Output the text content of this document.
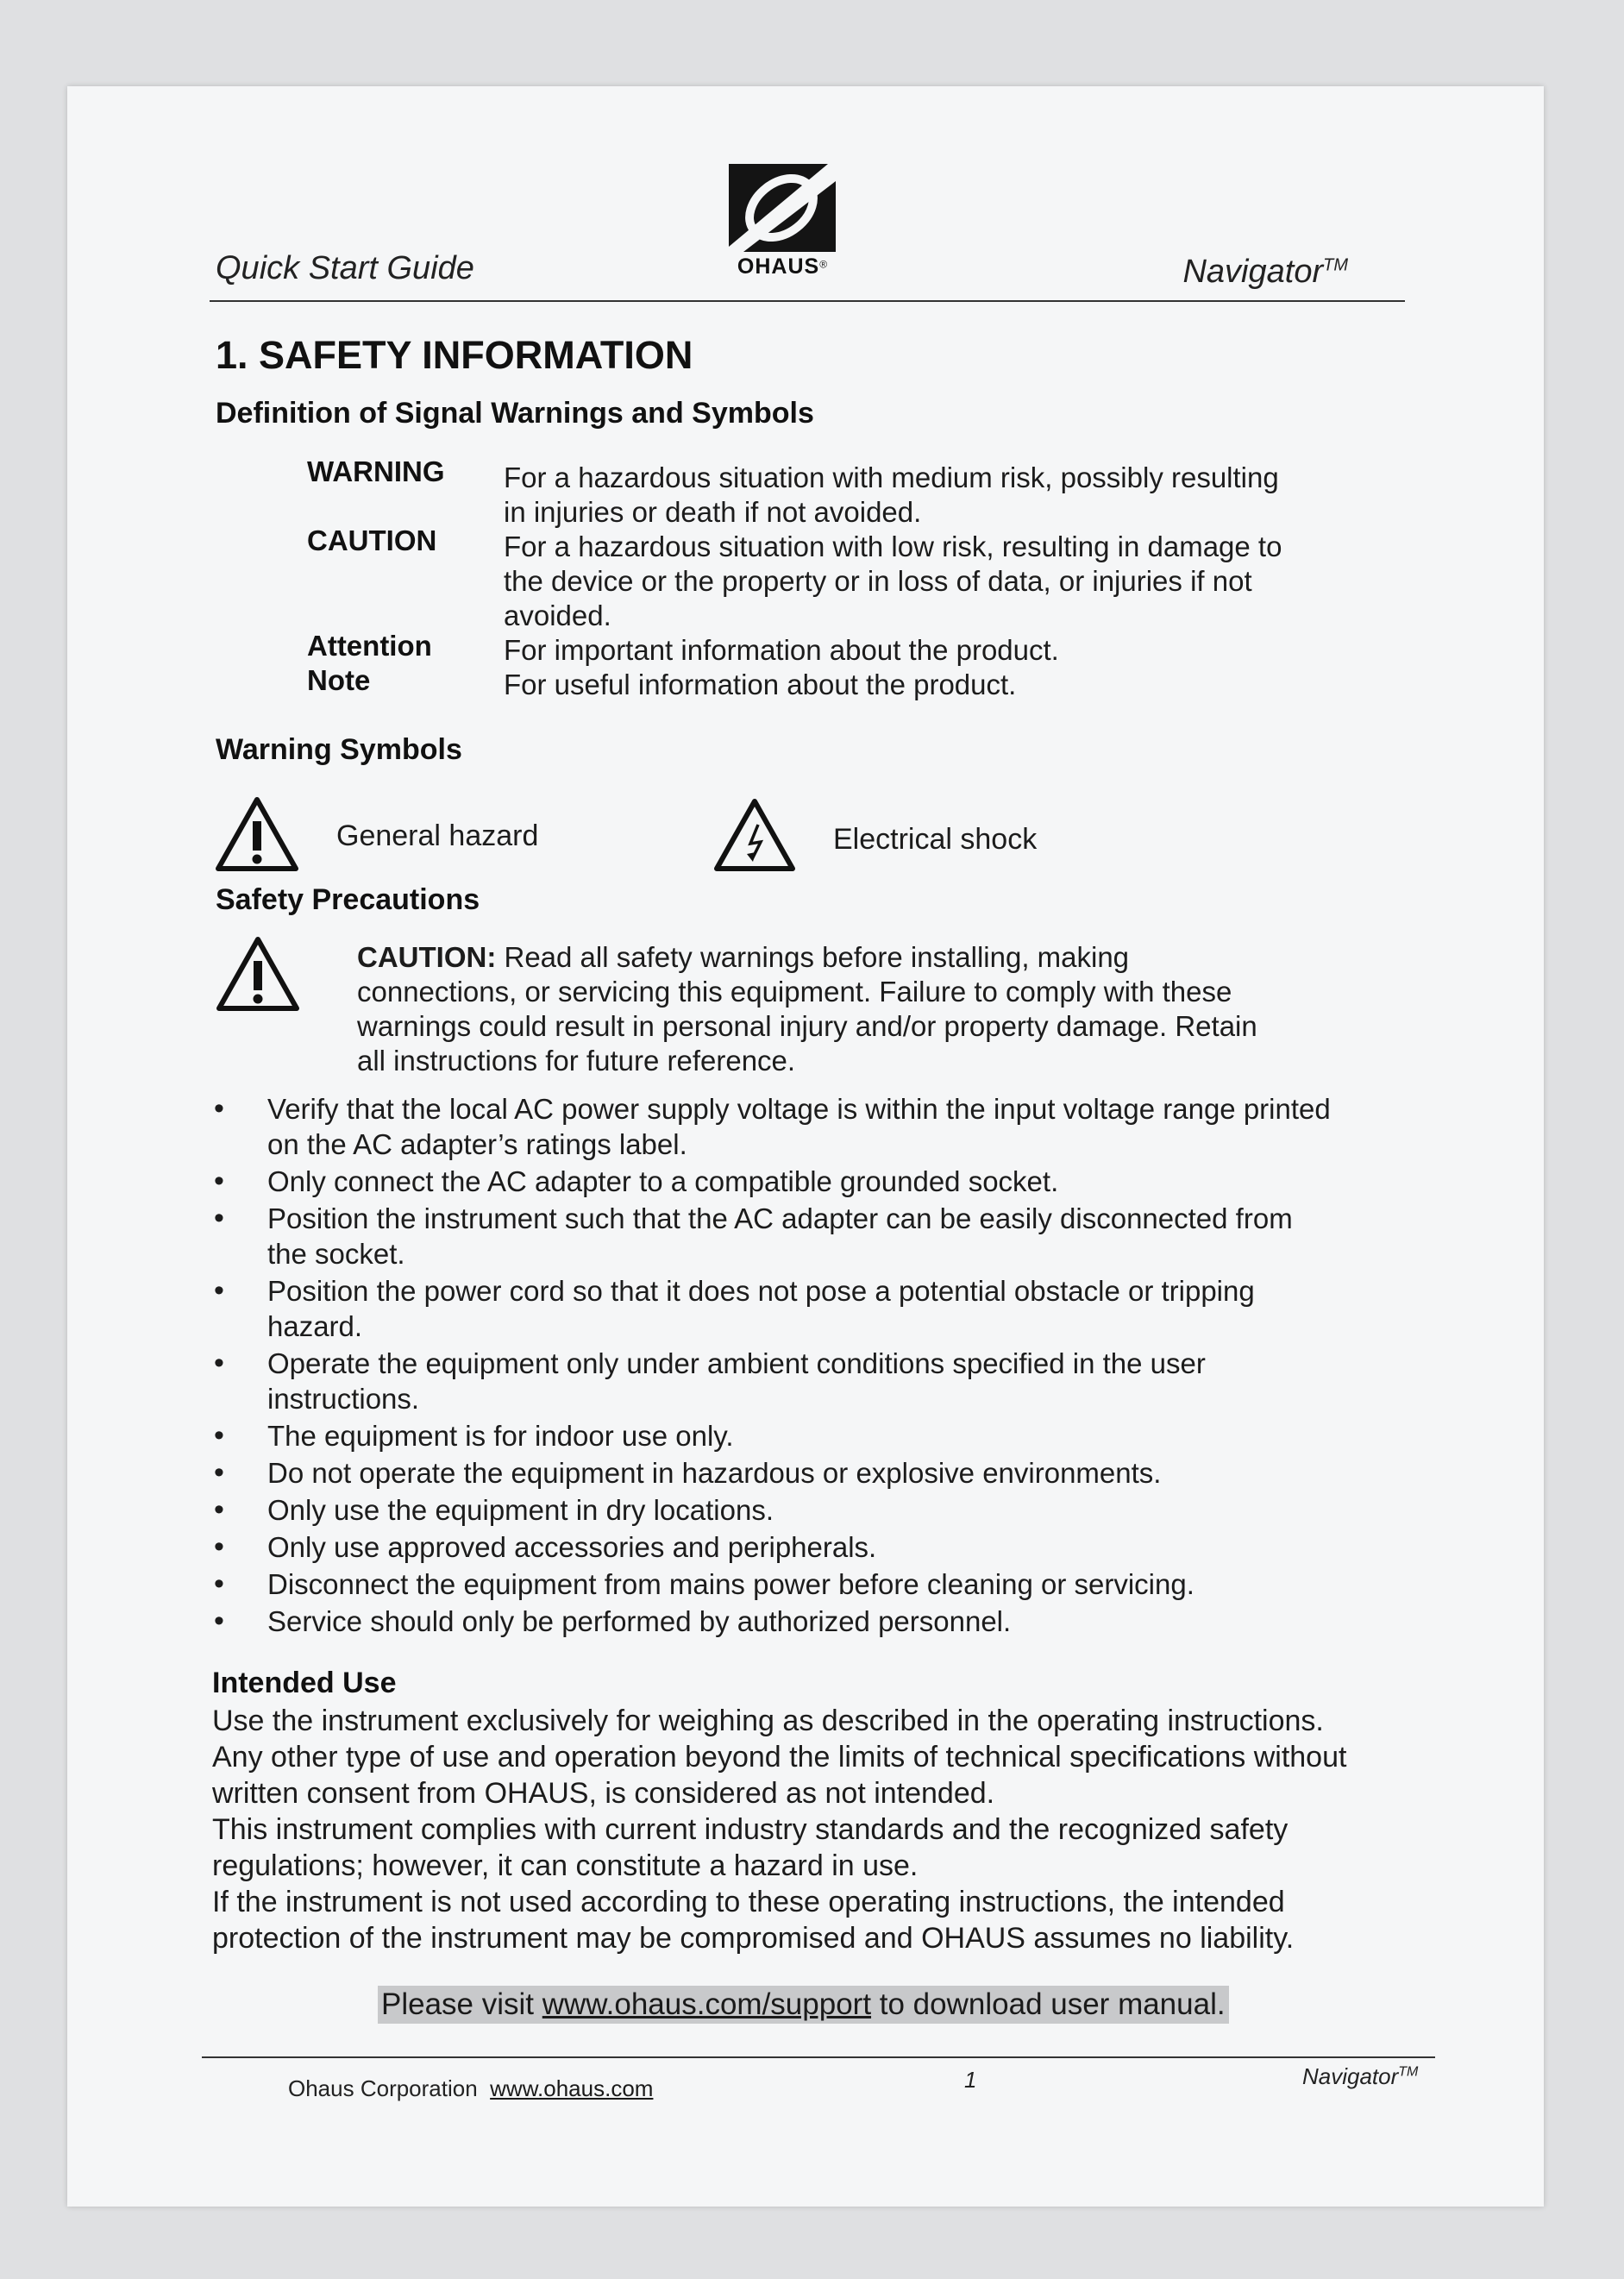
Quick Start Guide	OHAUS®	Navigator™
1. SAFETY INFORMATION
Definition of Signal Warnings and Symbols
WARNING For a hazardous situation with medium risk, possibly resulting
in injuries or death if not avoided.
CAUTION For a hazardous situation with low risk, resulting in damage to
the device or the property or in loss of data, or injuries if not
avoided.
Attention	For important information about the product.
Note	For useful information about the product.
Warning Symbols
General hazard	Electrical shock
Safety Precautions
CAUTION: Read all safety warnings before installing, making
connections, or servicing this equipment. Failure to comply with these
warnings could result in personal injury and/or property damage. Retain
all instructions for future reference.
• Verify that the local AC power supply voltage is within the input voltage range printed
on the AC adapter’s ratings label.
• Only connect the AC adapter to a compatible grounded socket.
• Position the instrument such that the AC adapter can be easily disconnected from
the socket.
• Position the power cord so that it does not pose a potential obstacle or tripping
hazard.
• Operate the equipment only under ambient conditions specified in the user
instructions.
• The equipment is for indoor use only.
• Do not operate the equipment in hazardous or explosive environments.
• Only use the equipment in dry locations.
• Only use approved accessories and peripherals.
• Disconnect the equipment from mains power before cleaning or servicing.
• Service should only be performed by authorized personnel.
Intended Use

Use the instrument exclusively for weighing as described in the operating instructions.

Any other type of use and operation beyond the limits of technical specifications without

written consent from OHAUS, is considered as not intended.

This instrument complies with current industry standards and the recognized safety

regulations; however, it can constitute a hazard in use.

If the instrument is not used according to these operating instructions, the intended

protection of the instrument may be compromised and OHAUS assumes no liability.

Please visit www.ohaus.com/support to download user manual.
Ohaus Corporation www.ohaus.com	1	Navigator™
